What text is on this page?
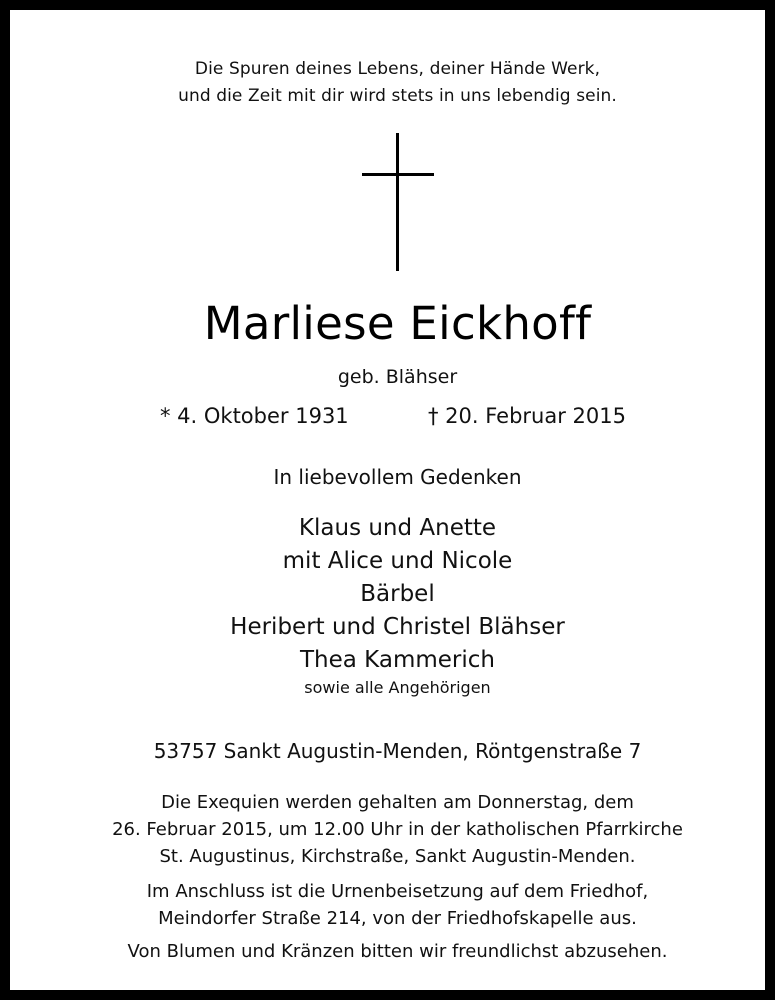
Die Spuren deines Lebens, deiner Hände Werk,
und die Zeit mit dir wird stets in uns lebendig sein.
Marliese Eickhoff
geb. Blähser
* 4. Oktober 1931	† 20. Februar 2015
In liebevollem Gedenken
Klaus und Anette
mit Alice und Nicole
Bärbel
Heribert und Christel Blähser
Thea Kammerich
sowie alle Angehörigen
53757 Sankt Augustin-Menden, Röntgenstraße 7
Die Exequien werden gehalten am Donnerstag, dem
26. Februar 2015, um 12.00 Uhr in der katholischen Pfarrkirche
St. Augustinus, Kirchstraße, Sankt Augustin-Menden.
Im Anschluss ist die Urnenbeisetzung auf dem Friedhof,
Meindorfer Straße 214, von der Friedhofskapelle aus.
Von Blumen und Kränzen bitten wir freundlichst abzusehen.
